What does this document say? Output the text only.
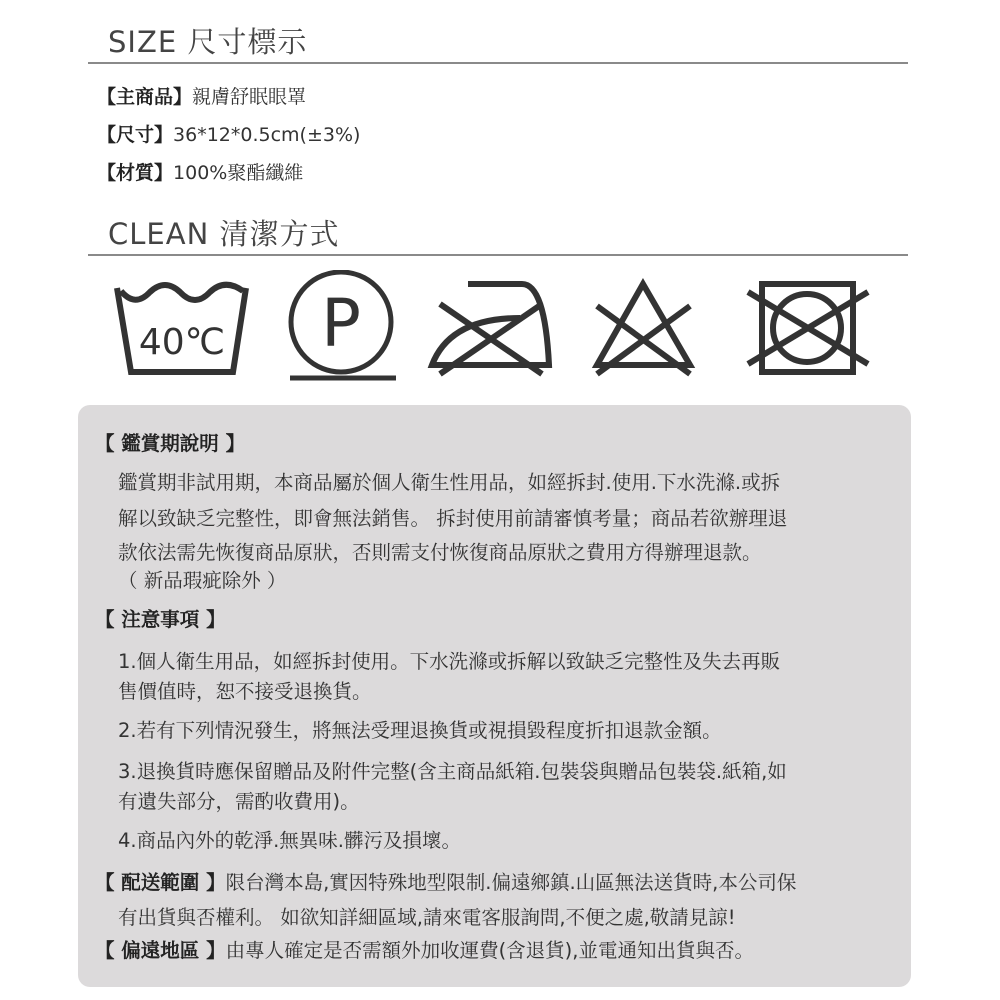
SIZE 尺寸標示
【主商品】親膚舒眠眼罩
【尺寸】36*12*0.5cm(±3%)
【材質】100%聚酯纖維
CLEAN 清潔方式
40℃ P
【 鑑賞期說明 】
鑑賞期非試用期，本商品屬於個人衛生性用品，如經拆封.使用.下水洗滌.或拆
解以致缺乏完整性，即會無法銷售。 拆封使用前請審慎考量；商品若欲辦理退
款依法需先恢復商品原狀，否則需支付恢復商品原狀之費用方得辦理退款。
（ 新品瑕疵除外 ）
【 注意事項 】
1.個人衛生用品，如經拆封使用。下水洗滌或拆解以致缺乏完整性及失去再販
售價值時，恕不接受退換貨。
2.若有下列情況發生，將無法受理退換貨或視損毀程度折扣退款金額。
3.退換貨時應保留贈品及附件完整(含主商品紙箱.包裝袋與贈品包裝袋.紙箱,如
有遺失部分，需酌收費用)。
4.商品內外的乾淨.無異味.髒污及損壞。
【 配送範圍 】限台灣本島,實因特殊地型限制.偏遠鄉鎮.山區無法送貨時,本公司保
有出貨與否權利。 如欲知詳細區域,請來電客服詢問,不便之處,敬請見諒!
【 偏遠地區 】由專人確定是否需額外加收運費(含退貨),並電通知出貨與否。
